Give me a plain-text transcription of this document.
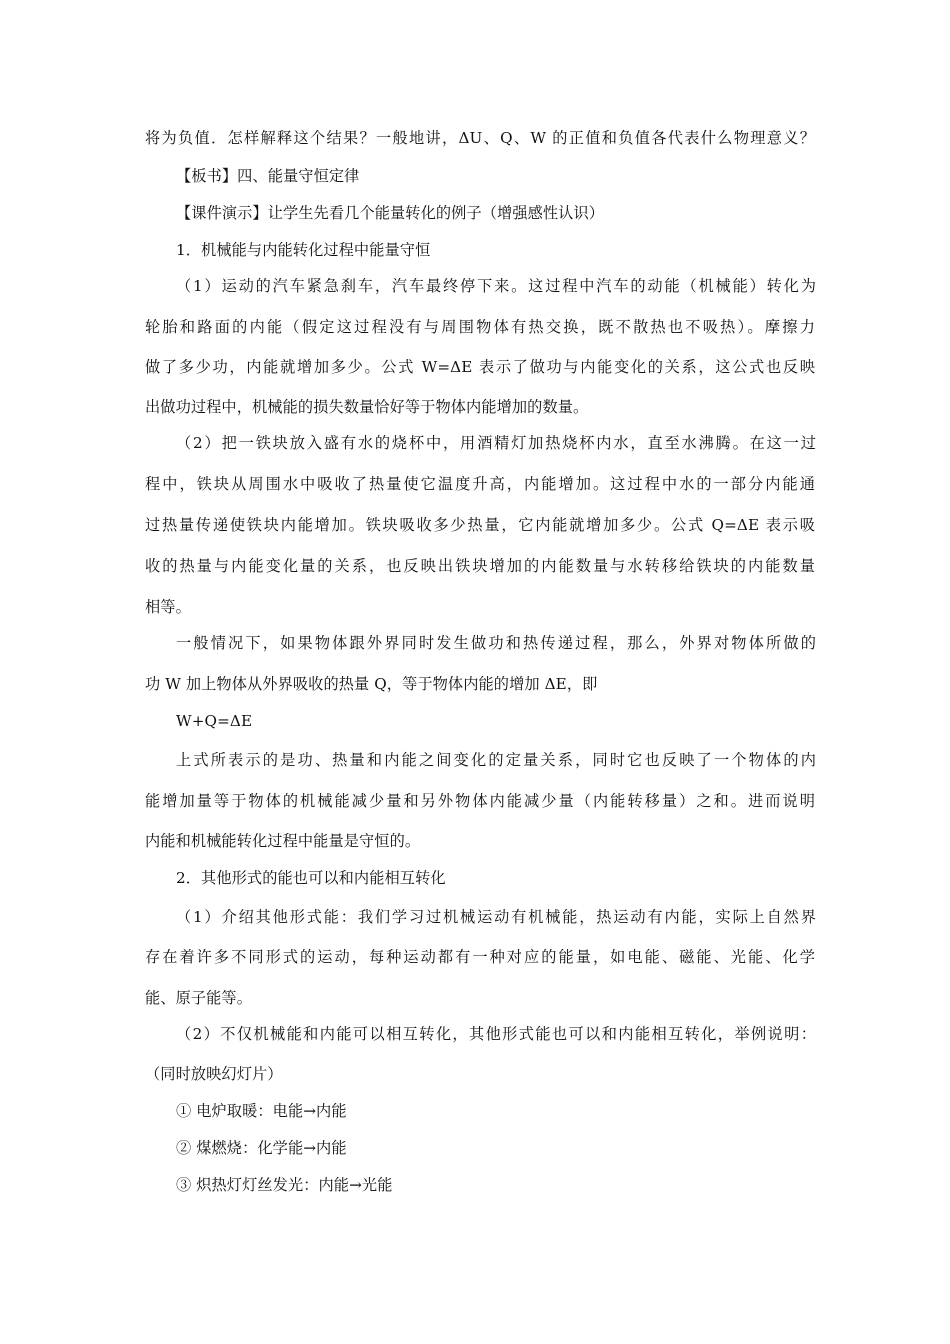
将为负值．怎样解释这个结果？一般地讲，ΔU、Q、W 的正值和负值各代表什么物理意义？
【板书】四、能量守恒定律
【课件演示】让学生先看几个能量转化的例子（增强感性认识）
1．机械能与内能转化过程中能量守恒
（1）运动的汽车紧急刹车，汽车最终停下来。这过程中汽车的动能（机械能）转化为
轮胎和路面的内能（假定这过程没有与周围物体有热交换，既不散热也不吸热）。摩擦力
做了多少功，内能就增加多少。公式 W=ΔE 表示了做功与内能变化的关系，这公式也反映
出做功过程中，机械能的损失数量恰好等于物体内能增加的数量。
（2）把一铁块放入盛有水的烧杯中，用酒精灯加热烧杯内水，直至水沸腾。在这一过
程中，铁块从周围水中吸收了热量使它温度升高，内能增加。这过程中水的一部分内能通
过热量传递使铁块内能增加。铁块吸收多少热量，它内能就增加多少。公式 Q=ΔE 表示吸
收的热量与内能变化量的关系，也反映出铁块增加的内能数量与水转移给铁块的内能数量
相等。
一般情况下，如果物体跟外界同时发生做功和热传递过程，那么，外界对物体所做的
功 W 加上物体从外界吸收的热量 Q，等于物体内能的增加 ΔE，即
W+Q=ΔE
上式所表示的是功、热量和内能之间变化的定量关系，同时它也反映了一个物体的内
能增加量等于物体的机械能减少量和另外物体内能减少量（内能转移量）之和。进而说明
内能和机械能转化过程中能量是守恒的。
2．其他形式的能也可以和内能相互转化
（1）介绍其他形式能：我们学习过机械运动有机械能，热运动有内能，实际上自然界
存在着许多不同形式的运动，每种运动都有一种对应的能量，如电能、磁能、光能、化学
能、原子能等。
（2）不仅机械能和内能可以相互转化，其他形式能也可以和内能相互转化，举例说明：
（同时放映幻灯片）
① 电炉取暖：电能→内能
② 煤燃烧：化学能→内能
③ 炽热灯灯丝发光：内能→光能
